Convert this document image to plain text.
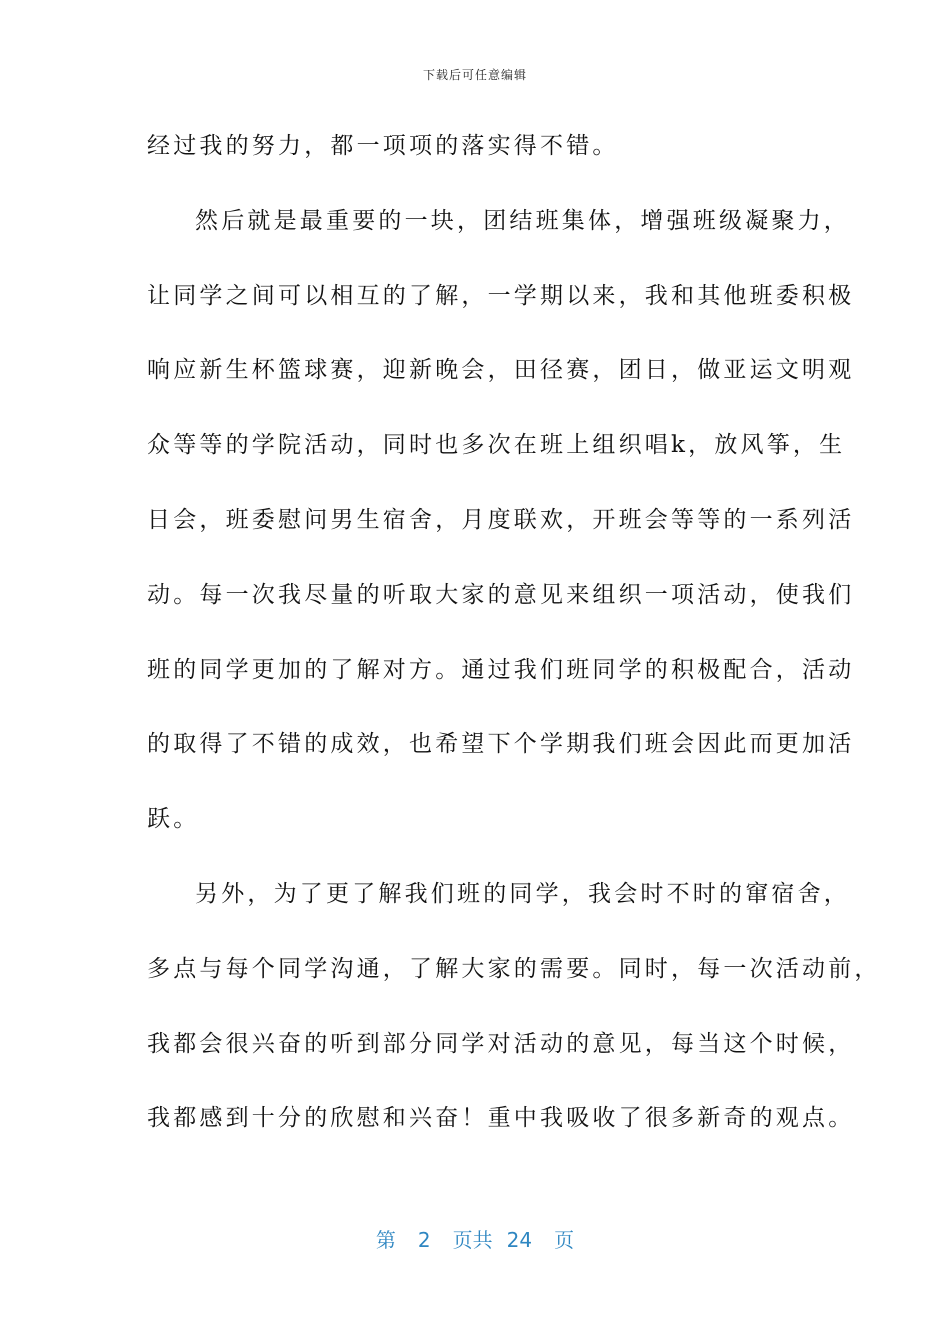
下载后可任意编辑
经过我的努力，都一项项的落实得不错。
然后就是最重要的一块，团结班集体，增强班级凝聚力，
让同学之间可以相互的了解，一学期以来，我和其他班委积极
响应新生杯篮球赛，迎新晚会，田径赛，团日，做亚运文明观
众等等的学院活动，同时也多次在班上组织唱k，放风筝，生
日会，班委慰问男生宿舍，月度联欢，开班会等等的一系列活
动。每一次我尽量的听取大家的意见来组织一项活动，使我们
班的同学更加的了解对方。通过我们班同学的积极配合，活动
的取得了不错的成效，也希望下个学期我们班会因此而更加活
跃。
另外，为了更了解我们班的同学，我会时不时的窜宿舍，
多点与每个同学沟通，了解大家的需要。同时，每一次活动前，
我都会很兴奋的听到部分同学对活动的意见，每当这个时候，
我都感到十分的欣慰和兴奋！重中我吸收了很多新奇的观点。
第 2 页共 24 页
